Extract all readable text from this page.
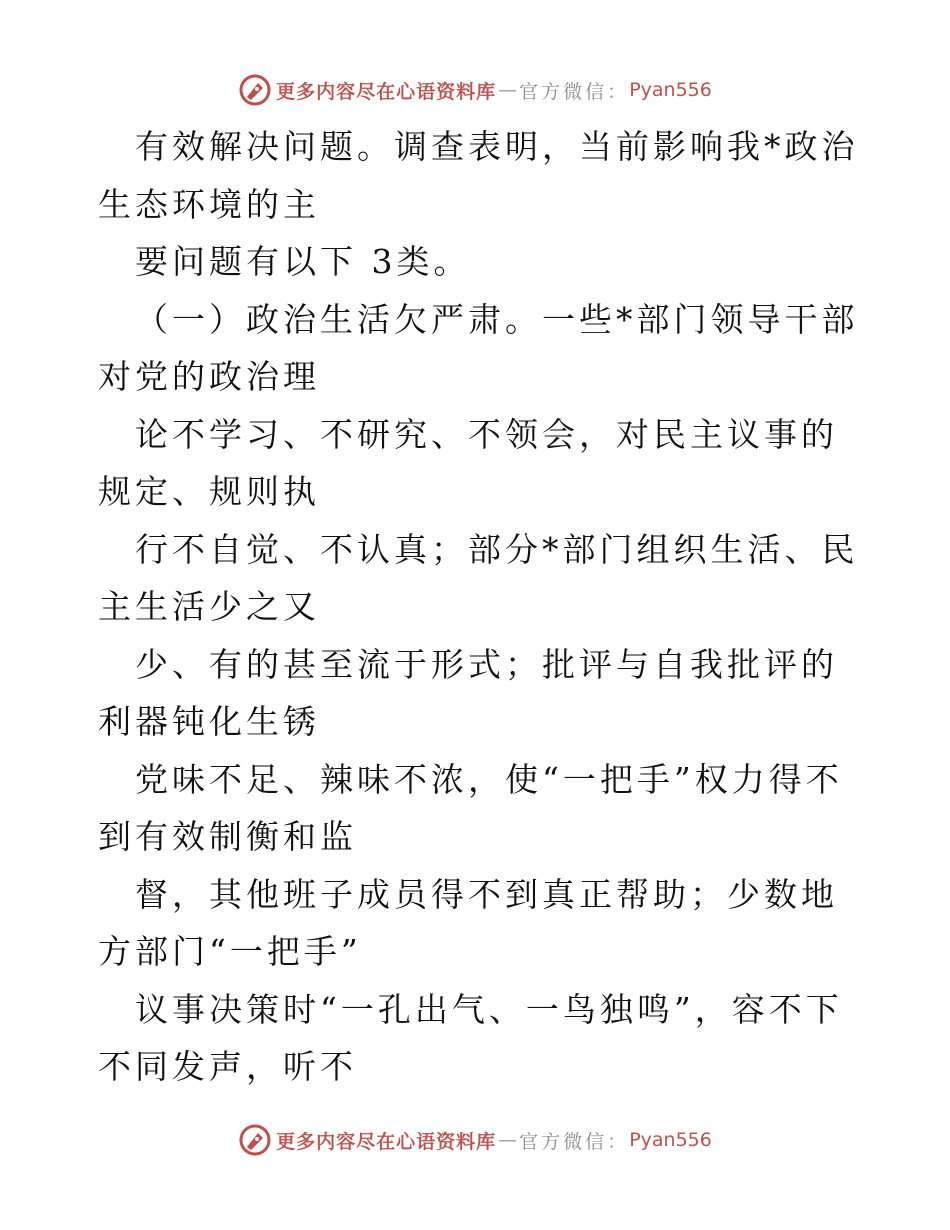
更多内容尽在心语资料库 — 官方微信： Pyan556

有效解决问题。调查表明，当前影响我*政治生态环境的主

要问题有以下 3类。

（一）政治生活欠严肃。一些*部门领导干部对党的政治理

论不学习、不研究、不领会，对民主议事的规定、规则执

行不自觉、不认真；部分*部门组织生活、民主生活少之又

少、有的甚至流于形式；批评与自我批评的利器钝化生锈

党味不足、辣味不浓，使“一把手”权力得不到有效制衡和监

督，其他班子成员得不到真正帮助；少数地方部门“一把手”

议事决策时“一孔出气、一鸟独鸣”，容不下不同发声，听不

更多内容尽在心语资料库 — 官方微信： Pyan556
